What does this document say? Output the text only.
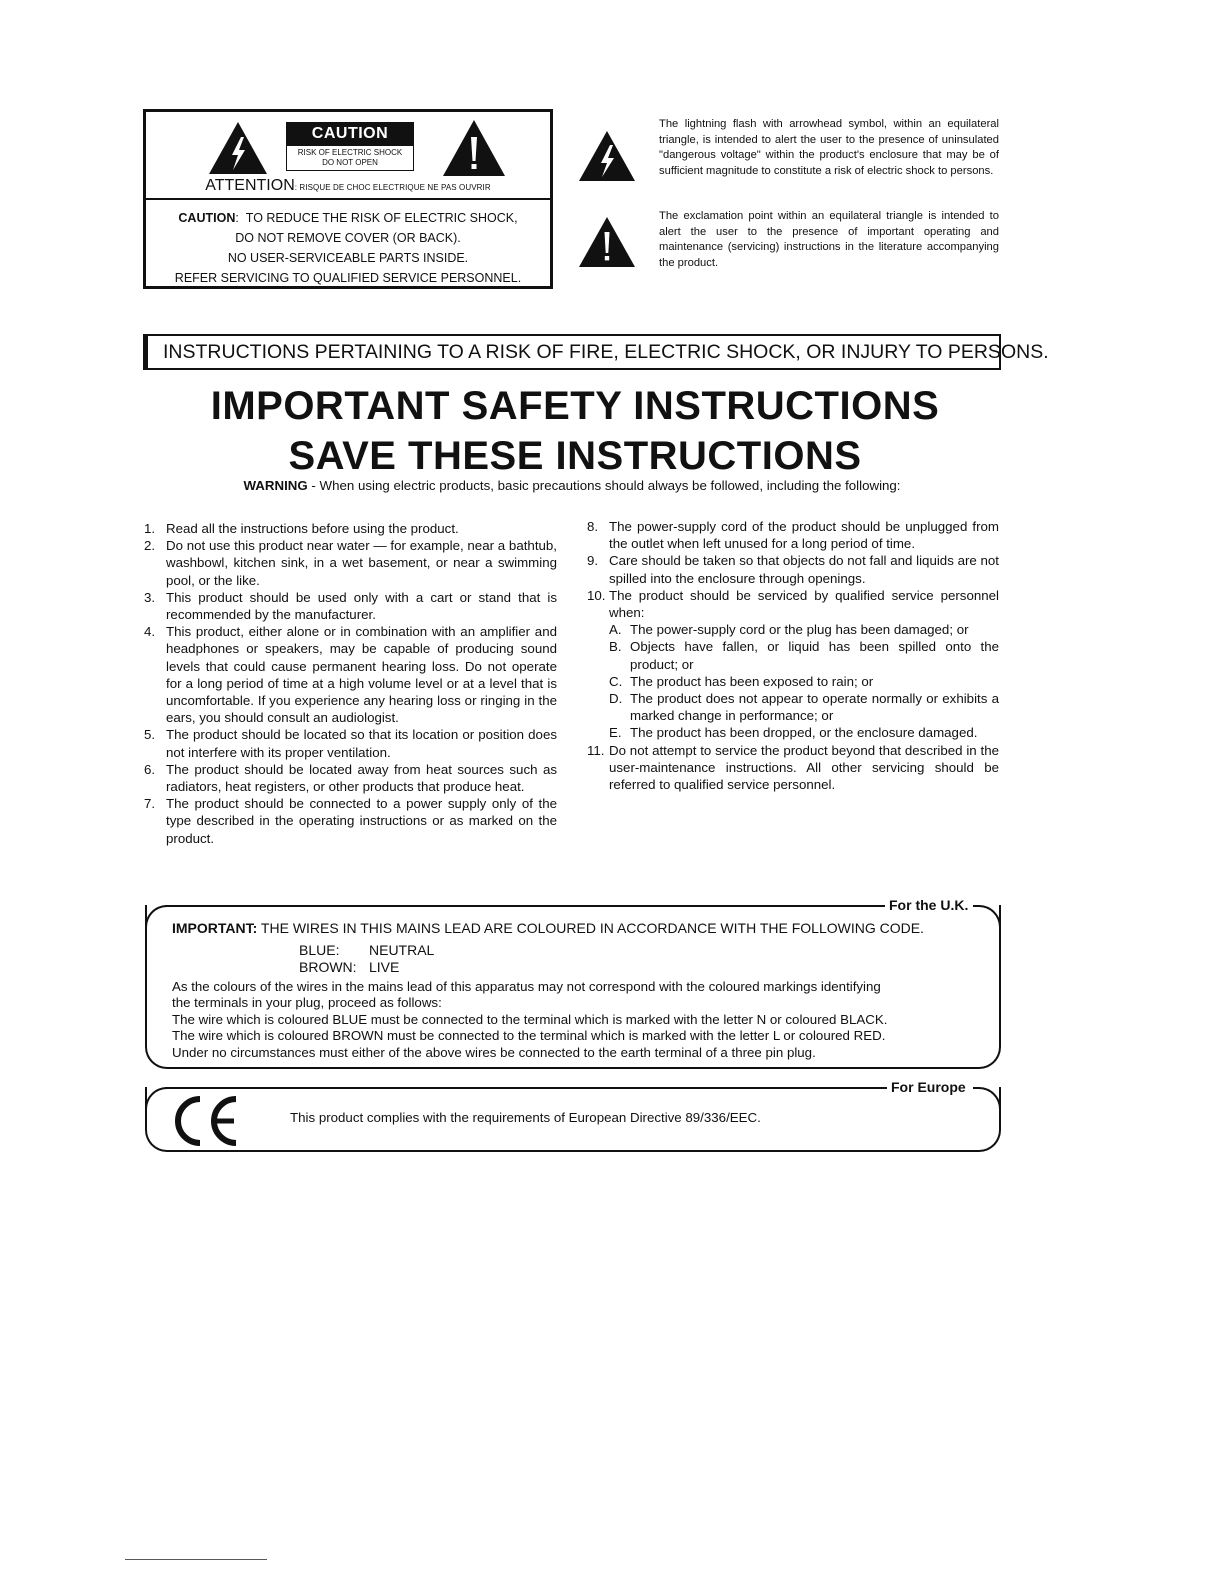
CAUTION
RISK OF ELECTRIC SHOCK
DO NOT OPEN
ATTENTION: RISQUE DE CHOC ELECTRIQUE NE PAS OUVRIR
CAUTION:  TO REDUCE THE RISK OF ELECTRIC SHOCK,
DO NOT REMOVE COVER (OR BACK).
NO USER-SERVICEABLE PARTS INSIDE.
REFER SERVICING TO QUALIFIED SERVICE PERSONNEL.
The lightning flash with arrowhead symbol, within an equilateral triangle, is intended to alert the user to the presence of uninsulated "dangerous voltage" within the product's enclosure that may be of sufficient magnitude to constitute a risk of electric shock to persons.
The exclamation point within an equilateral triangle is intended to alert the user to the presence of important operating and maintenance (servicing) instructions in the literature accompanying the product.
INSTRUCTIONS PERTAINING TO A RISK OF FIRE, ELECTRIC SHOCK, OR INJURY TO PERSONS.
IMPORTANT SAFETY INSTRUCTIONS
SAVE THESE INSTRUCTIONS
WARNING - When using electric products, basic precautions should always be followed, including the following:
1. Read all the instructions before using the product.
2. Do not use this product near water — for example, near a bathtub, washbowl, kitchen sink, in a wet basement, or near a swimming pool, or the like.
3. This product should be used only with a cart or stand that is recommended by the manufacturer.
4. This product, either alone or in combination with an amplifier and headphones or speakers, may be capable of producing sound levels that could cause permanent hearing loss. Do not operate for a long period of time at a high volume level or at a level that is uncomfortable. If you experience any hearing loss or ringing in the ears, you should consult an audiologist.
5. The product should be located so that its location or position does not interfere with its proper ventilation.
6. The product should be located away from heat sources such as radiators, heat registers, or other products that produce heat.
7. The product should be connected to a power supply only of the type described in the operating instructions or as marked on the product.
8. The power-supply cord of the product should be unplugged from the outlet when left unused for a long period of time.
9. Care should be taken so that objects do not fall and liquids are not spilled into the enclosure through openings.
10. The product should be serviced by qualified service personnel when:
A. The power-supply cord or the plug has been damaged; or
B. Objects have fallen, or liquid has been spilled onto the product; or
C. The product has been exposed to rain; or
D. The product does not appear to operate normally or exhibits a marked change in performance; or
E. The product has been dropped, or the enclosure damaged.
11. Do not attempt to service the product beyond that described in the user-maintenance instructions. All other servicing should be referred to qualified service personnel.
For the U.K.
IMPORTANT: THE WIRES IN THIS MAINS LEAD ARE COLOURED IN ACCORDANCE WITH THE FOLLOWING CODE.
BLUE: NEUTRAL
BROWN: LIVE
As the colours of the wires in the mains lead of this apparatus may not correspond with the coloured markings identifying
the terminals in your plug, proceed as follows:
The wire which is coloured BLUE must be connected to the terminal which is marked with the letter N or coloured BLACK.
The wire which is coloured BROWN must be connected to the terminal which is marked with the letter L or coloured RED.
Under no circumstances must either of the above wires be connected to the earth terminal of a three pin plug.
For Europe
This product complies with the requirements of European Directive 89/336/EEC.
